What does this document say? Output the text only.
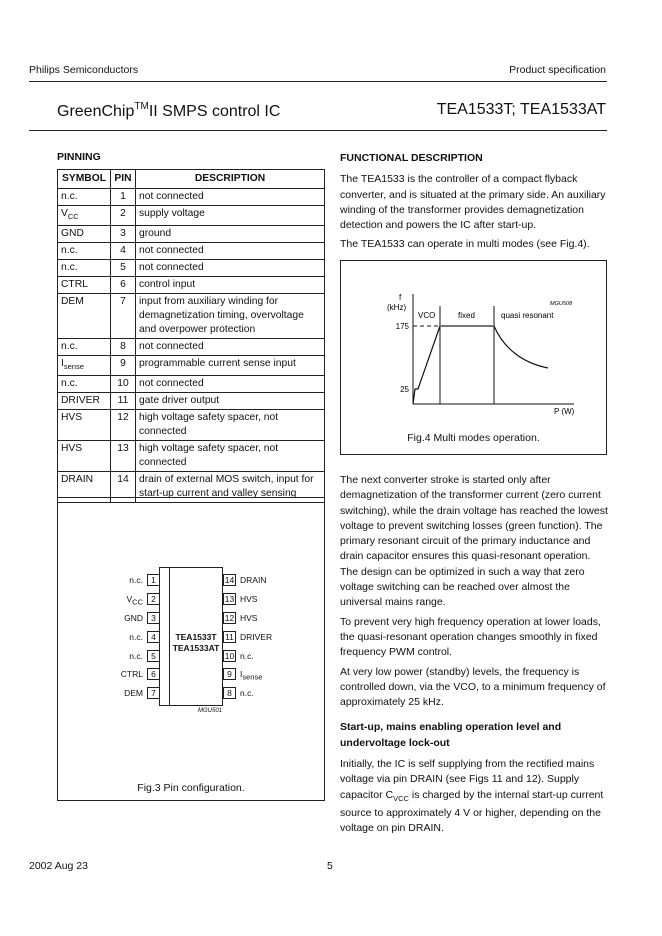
Philips Semiconductors	Product specification
GreenChip™II SMPS control IC	TEA1533T; TEA1533AT
PINNING
SYMBOL	PIN	DESCRIPTION
n.c.	1	not connected
$V_{CC}$	2	supply voltage
GND	3	ground
n.c.	4	not connected
n.c.	5	not connected
CTRL	6	control input
DEM	7	input from auxiliary winding for demagnetization timing, overvoltage and overpower protection
n.c.	8	not connected
$I_{sense}$	9	programmable current sense input
n.c.	10	not connected
DRIVER	11	gate driver output
HVS	12	high voltage safety spacer, not connected
HVS	13	high voltage safety spacer, not connected
DRAIN	14	drain of external MOS switch, input for start-up current and valley sensing
TEA1533T
TEA1533AT
1
n.c.
2
$V_{CC}$
3
GND
4
n.c.
5
n.c.
6
CTRL
7
DEM
14 DRAIN
13 HVS
12 HVS
11 DRIVER
10 n.c.
9 $I_{sense}$
8 n.c.
MGU501
Fig.3 Pin configuration.
FUNCTIONAL DESCRIPTION

The TEA1533 is the controller of a compact flyback converter, and is situated at the primary side. An auxiliary winding of the transformer provides demagnetization detection and powers the IC after start-up.

The TEA1533 can operate in multi modes (see Fig.4).

f
(kHz)
175
25
VCO	fixed	quasi resonant
MGU508
P (W)
Fig.4 Multi modes operation.

The next converter stroke is started only after demagnetization of the transformer current (zero current switching), while the drain voltage has reached the lowest voltage to prevent switching losses (green function). The primary resonant circuit of the primary inductance and drain capacitor ensures this quasi-resonant operation. The design can be optimized in such a way that zero voltage switching can be reached over almost the universal mains range.

To prevent very high frequency operation at lower loads, the quasi-resonant operation changes smoothly in fixed frequency PWM control.

At very low power (standby) levels, the frequency is controlled down, via the VCO, to a minimum frequency of approximately 25 kHz.

Start-up, mains enabling operation level and undervoltage lock-out

Initially, the IC is self supplying from the rectified mains voltage via pin DRAIN (see Figs 11 and 12). Supply capacitor $C_{VCC}$ is charged by the internal start-up current source to approximately 4 V or higher, depending on the voltage on pin DRAIN.

2002 Aug 23	5
